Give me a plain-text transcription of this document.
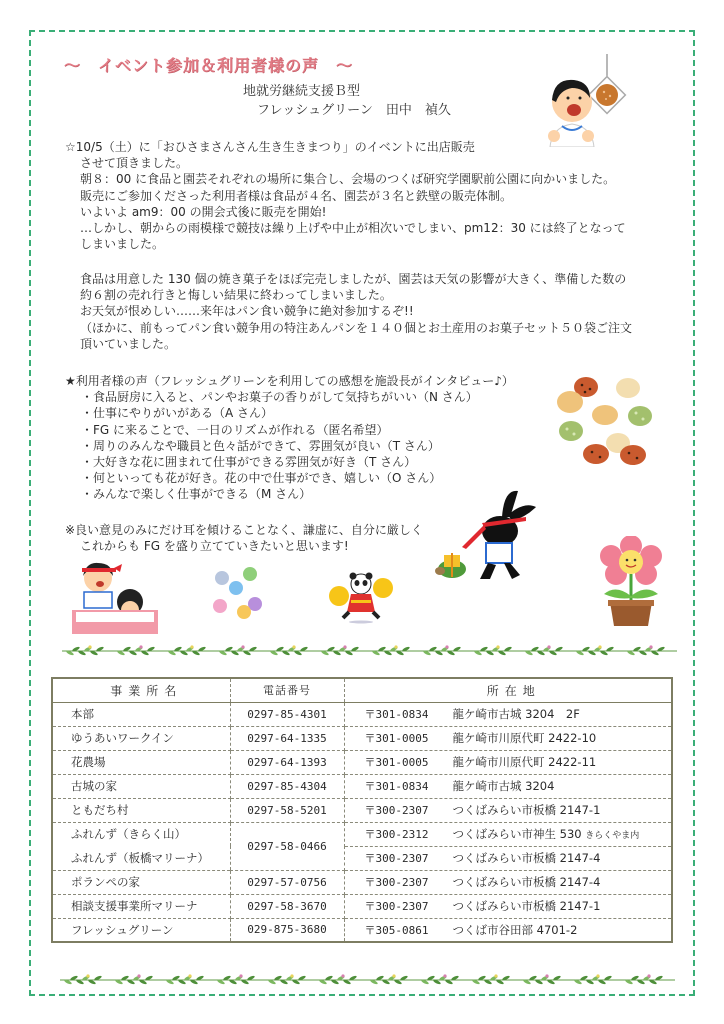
～　イベント参加＆利用者様の声　～
地就労継続支援Ｂ型
フレッシュグリーン　田中　禎久
☆10/5（土）に「おひさまさんさん生き生きまつり」のイベントに出店販売
させて頂きました。
朝８：00 に食品と園芸それぞれの場所に集合し、会場のつくば研究学園駅前公園に向かいました。
販売にご参加くださった利用者様は食品が４名、園芸が３名と鉄壁の販売体制。
いよいよ am9：00 の開会式後に販売を開始!
…しかし、朝からの雨模様で競技は繰り上げや中止が相次いでしまい、pm12：30 には終了となって
しまいました。
食品は用意した 130 個の焼き菓子をほぼ完売しましたが、園芸は天気の影響が大きく、準備した数の
約６割の売れ行きと悔しい結果に終わってしまいました。
お天気が恨めしい……来年はパン食い競争に絶対参加するぞ!!
（ほかに、前もってパン食い競争用の特注あんパンを１４０個とお土産用のお菓子セット５０袋ご注文
頂いていました。
★利用者様の声（フレッシュグリーンを利用しての感想を施設長がインタビュー♪）
・食品厨房に入ると、パンやお菓子の香りがして気持ちがいい（N さん）
・仕事にやりがいがある（A さん）
・FG に来ることで、一日のリズムが作れる（匿名希望）
・周りのみんなや職員と色々話ができて、雰囲気が良い（T さん）
・大好きな花に囲まれて仕事ができる雰囲気が好き（T さん）
・何といっても花が好き。花の中で仕事ができ、嬉しい（O さん）
・みんなで楽しく仕事ができる（M さん）
※良い意見のみにだけ耳を傾けることなく、謙虚に、自分に厳しく
これからも FG を盛り立てていきたいと思います!
事業所名	電話番号	所在地
本部	0297-85-4301	〒301-0834 龍ケ崎市古城 3204　2F
ゆうあいワークイン	0297-64-1335	〒301-0005 龍ケ崎市川原代町 2422-10
花農場	0297-64-1393	〒301-0005 龍ケ崎市川原代町 2422-11
古城の家	0297-85-4304	〒301-0834 龍ケ崎市古城 3204
ともだち村	0297-58-5201	〒300-2307 つくばみらい市板橋 2147-1
ふれんず（きらく山）	0297-58-0466	〒300-2312 つくばみらい市神生 530 きらくやま内
ふれんず（板橋マリーナ）		〒300-2307 つくばみらい市板橋 2147-4
ポランペの家	0297-57-0756	〒300-2307 つくばみらい市板橋 2147-4
相談支援事業所マリーナ	0297-58-3670	〒300-2307 つくばみらい市板橋 2147-1
フレッシュグリーン	029-875-3680	〒305-0861 つくば市谷田部 4701-2
